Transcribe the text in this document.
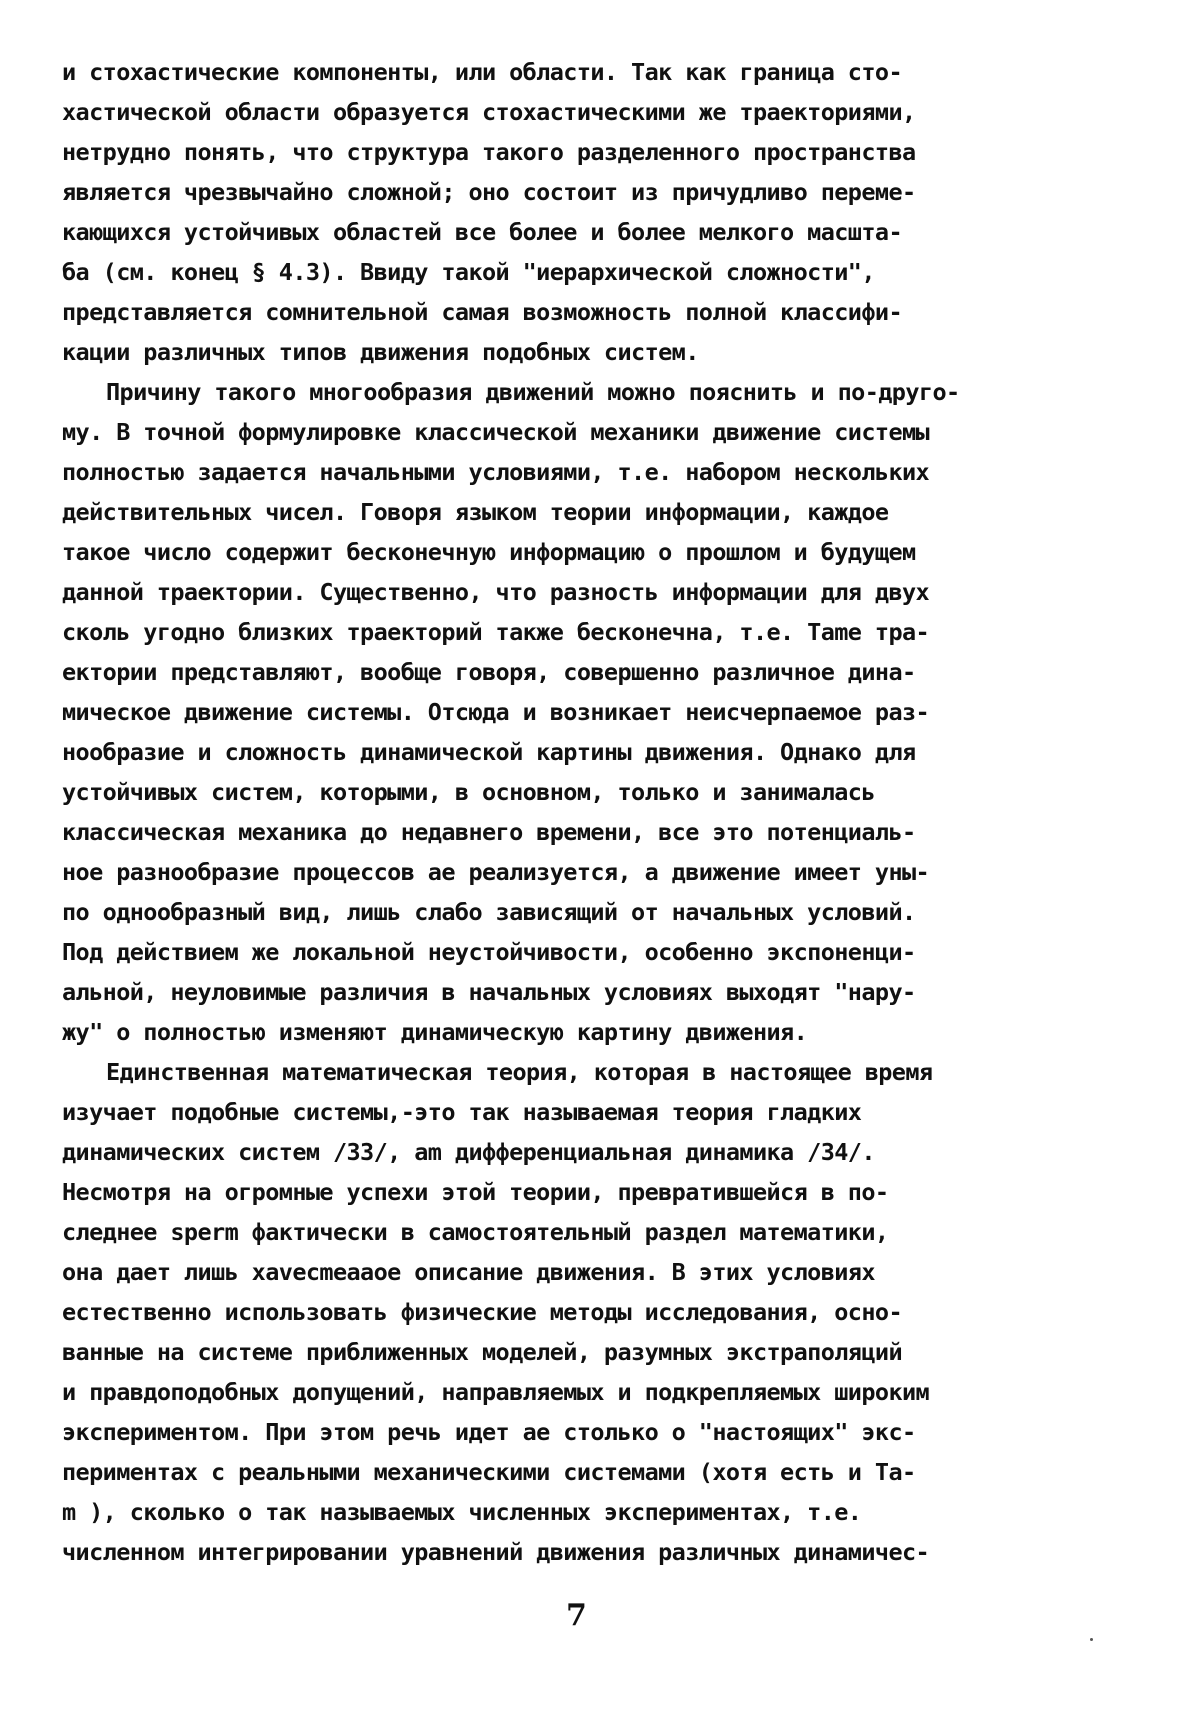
и стохастические компоненты, или области. Так как граница сто-
хастической области образуется стохастическими же траекториями,
нетрудно понять, что структура такого разделенного пространства
является чрезвычайно сложной; оно состоит из причудливо переме-
кающихся устойчивых областей все более и более мелкого масшта-
ба (см. конец § 4.3). Ввиду такой "иерархической сложности",
представляется сомнительной самая возможность полной классифи-
кации различных типов движения подобных систем.
Причину такого многообразия движений можно пояснить и по-друго-
му. В точной формулировке классической механики движение системы
полностью задается начальными условиями, т.е. набором нескольких
действительных чисел. Говоря языком теории информации, каждое
такое число содержит бесконечную информацию о прошлом и будущем
данной траектории. Существенно, что разность информации для двух
сколь угодно близких траекторий также бесконечна, т.е. Tame тра-
ектории представляют, вообще говоря, совершенно различное дина-
мическое движение системы. Отсюда и возникает неисчерпаемое раз-
нообразие и сложность динамической картины движения. Однако для
устойчивых систем, которыми, в основном, только и занималась
классическая механика до недавнего времени, все это потенциаль-
ное разнообразие процессов ае реализуется, а движение имеет уны-
по однообразный вид, лишь слабо зависящий от начальных условий.
Под действием же локальной неустойчивости, особенно экспоненци-
альной, неуловимые различия в начальных условиях выходят "нару-
жу" о полностью изменяют динамическую картину движения.
Единственная математическая теория, которая в настоящее время
изучает подобные системы,-это так называемая теория гладких
динамических систем /33/, am дифференциальная динамика /34/.
Несмотря на огромные успехи этой теории, превратившейся в по-
следнее sperm фактически в самостоятельный раздел математики,
она дает лишь xavecmeaaoe описание движения. В этих условиях
естественно использовать физические методы исследования, осно-
ванные на системе приближенных моделей, разумных экстраполяций
и правдоподобных допущений, направляемых и подкрепляемых широким
экспериментом. При этом речь идет ае столько о "настоящих" экс-
периментах с реальными механическими системами (хотя есть и Та-
m ), сколько о так называемых численных экспериментах, т.е.
численном интегрировании уравнений движения различных динамичес-
7
